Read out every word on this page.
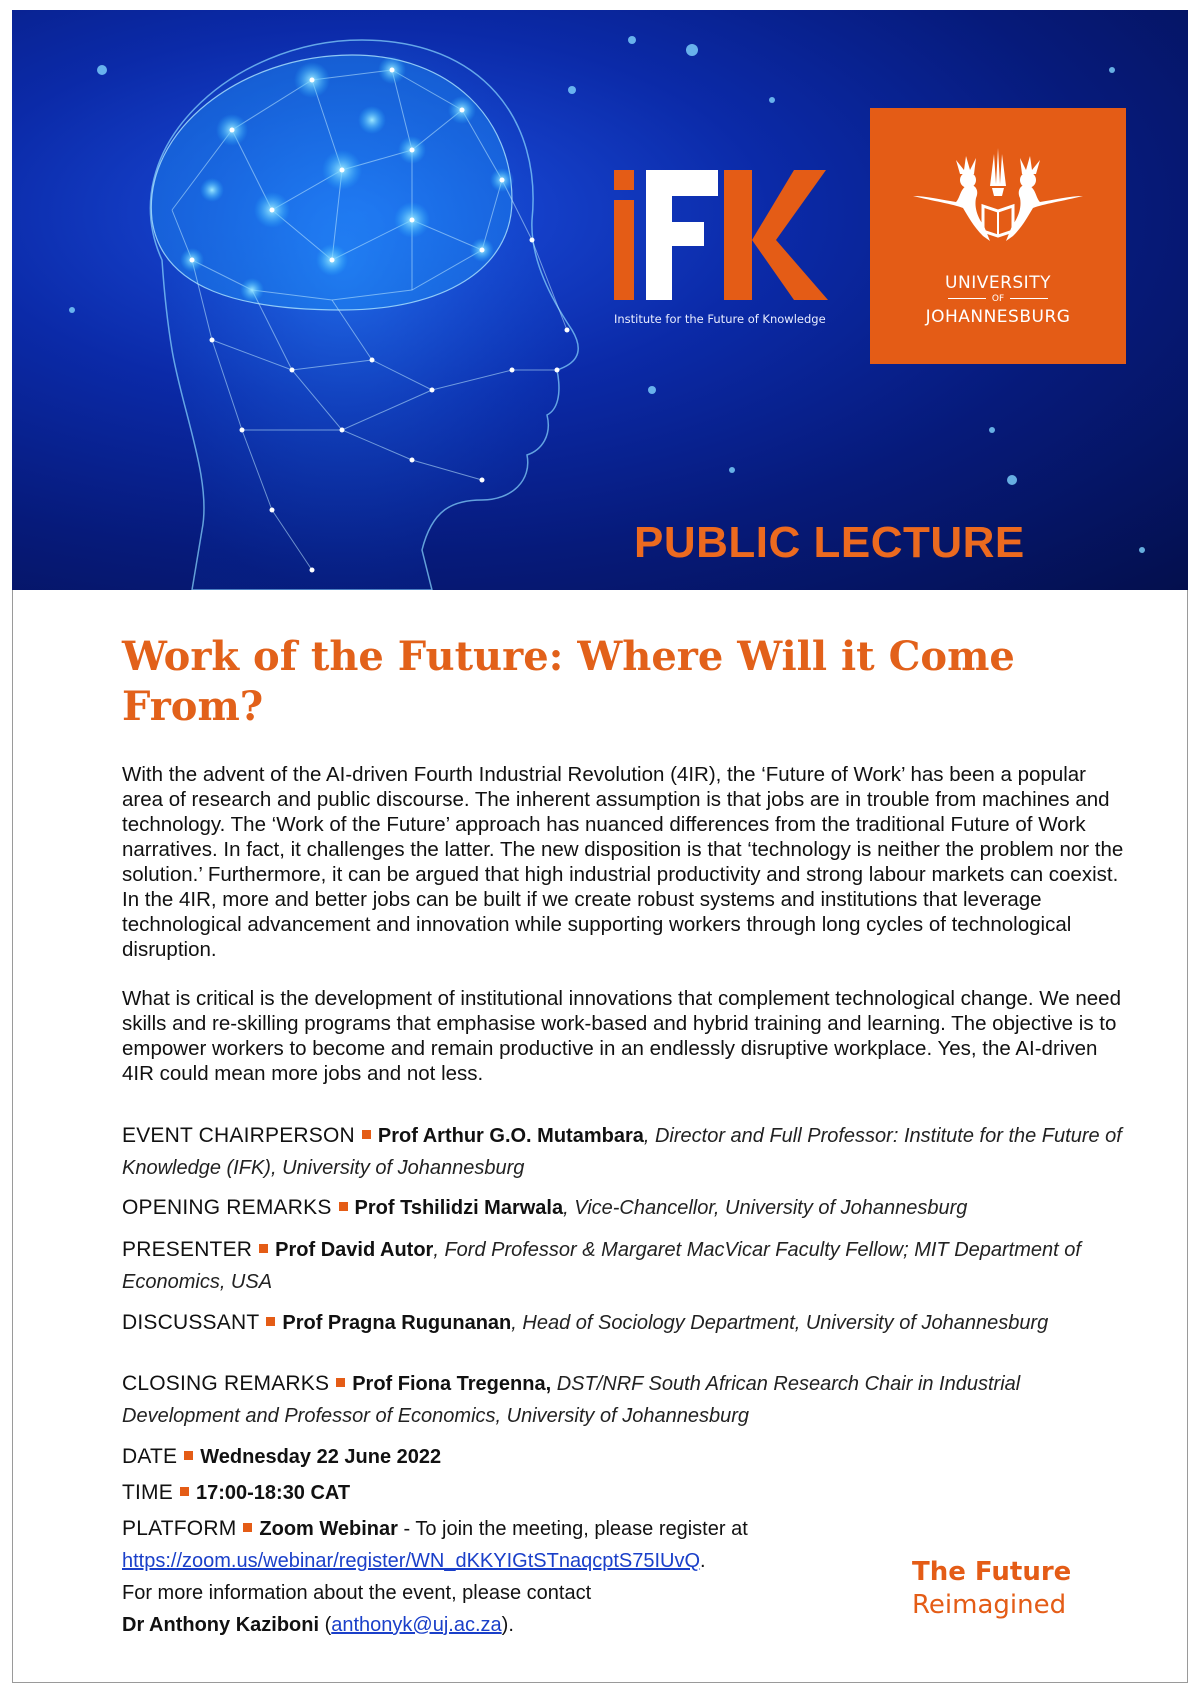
Institute for the Future of Knowledge
UNIVERSITY
OF
JOHANNESBURG
PUBLIC LECTURE
Work of the Future: Where Will it Come From?

With the advent of the AI-driven Fourth Industrial Revolution (4IR), the ‘Future of Work’ has been a popular area of research and public discourse. The inherent assumption is that jobs are in trouble from machines and technology. The ‘Work of the Future’ approach has nuanced differences from the traditional Future of Work narratives. In fact, it challenges the latter. The new disposition is that ‘technology is neither the problem nor the solution.’ Furthermore, it can be argued that high industrial productivity and strong labour markets can coexist. In the 4IR, more and better jobs can be built if we create robust systems and institutions that leverage technological advancement and innovation while supporting workers through long cycles of technological disruption.

What is critical is the development of institutional innovations that complement technological change. We need skills and re-skilling programs that emphasise work-based and hybrid training and learning. The objective is to empower workers to become and remain productive in an endlessly disruptive workplace. Yes, the AI-driven 4IR could mean more jobs and not less.

EVENT CHAIRPERSON Prof Arthur G.O. Mutambara, Director and Full Professor: Institute for the Future of Knowledge (IFK), University of Johannesburg

OPENING REMARKS Prof Tshilidzi Marwala, Vice-Chancellor, University of Johannesburg

PRESENTER Prof David Autor, Ford Professor & Margaret MacVicar Faculty Fellow; MIT Department of Economics, USA

DISCUSSANT Prof Pragna Rugunanan, Head of Sociology Department, University of Johannesburg

CLOSING REMARKS Prof Fiona Tregenna, DST/NRF South African Research Chair in Industrial Development and Professor of Economics, University of Johannesburg

DATE Wednesday 22 June 2022

TIME 17:00-18:30 CAT

PLATFORM Zoom Webinar - To join the meeting, please register at
https://zoom.us/webinar/register/WN_dKKYIGtSTnaqcptS75IUvQ.
For more information about the event, please contact
Dr Anthony Kaziboni (anthonyk@uj.ac.za).
The Future
Reimagined
